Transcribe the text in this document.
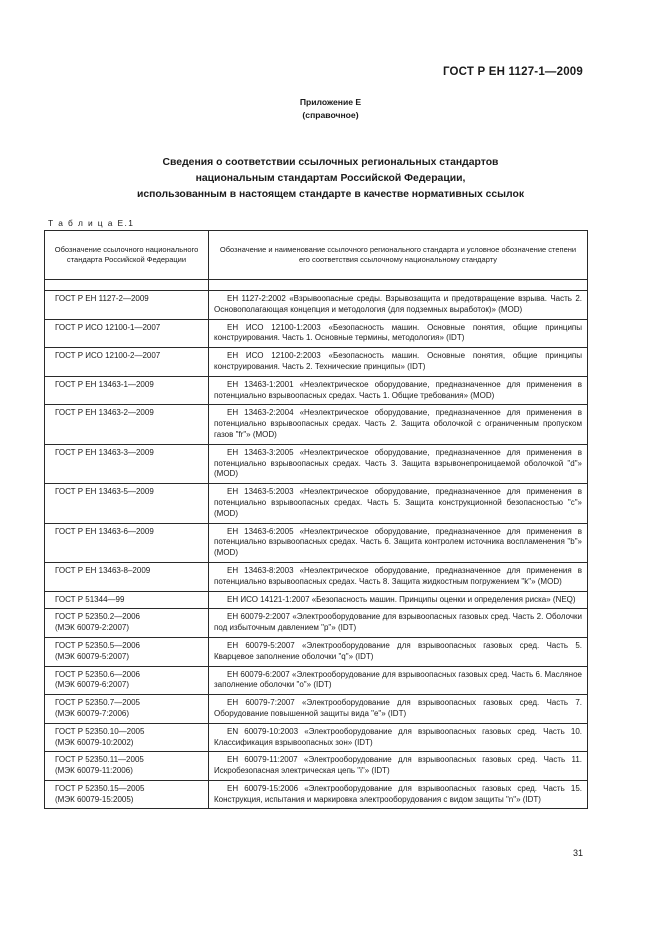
ГОСТ Р ЕН 1127-1—2009
Приложение Е
(справочное)
Сведения о соответствии ссылочных региональных стандартов
национальным стандартам Российской Федерации,
использованным в настоящем стандарте в качестве нормативных ссылок
Т а б л и ц а Е.1
Обозначение ссылочного национального стандарта Российской Федерации	Обозначение и наименование ссылочного регионального стандарта и условное обозначение степени его соответствия ссылочному национальному стандарту

ГОСТ Р ЕН 1127-2—2009	ЕН 1127-2:2002 «Взрывоопасные среды. Взрывозащита и предотвращение взрыва. Часть 2. Основополагающая концепция и методология (для подземных выработок)» (MOD)

ГОСТ Р ИСО 12100-1—2007	ЕН ИСО 12100-1:2003 «Безопасность машин. Основные понятия, общие принципы конструирования. Часть 1. Основные термины, методология» (IDT)

ГОСТ Р ИСО 12100-2—2007	ЕН ИСО 12100-2:2003 «Безопасность машин. Основные понятия, общие принципы конструирования. Часть 2. Технические принципы» (IDT)

ГОСТ Р ЕН 13463-1—2009	ЕН 13463-1:2001 «Неэлектрическое оборудование, предназначенное для применения в потенциально взрывоопасных средах. Часть 1. Общие требования» (MOD)

ГОСТ Р ЕН 13463-2—2009	ЕН 13463-2:2004 «Неэлектрическое оборудование, предназначенное для применения в потенциально взрывоопасных средах. Часть 2. Защита оболочкой с ограниченным пропуском газов "fr"» (MOD)

ГОСТ Р ЕН 13463-3—2009	ЕН 13463-3:2005 «Неэлектрическое оборудование, предназначенное для применения в потенциально взрывоопасных средах. Часть 3. Защита взрывонепроницаемой оболочкой "d"» (MOD)

ГОСТ Р ЕН 13463-5—2009	ЕН 13463-5:2003 «Неэлектрическое оборудование, предназначенное для применения в потенциально взрывоопасных средах. Часть 5. Защита конструкционной безопасностью "c"» (MOD)

ГОСТ Р ЕН 13463-6—2009	ЕН 13463-6:2005 «Неэлектрическое оборудование, предназначенное для применения в потенциально взрывоопасных средах. Часть 6. Защита контролем источника воспламенения "b"» (MOD)

ГОСТ Р ЕН 13463-8–2009	ЕН 13463-8:2003 «Неэлектрическое оборудование, предназначенное для применения в потенциально взрывоопасных средах. Часть 8. Защита жидкостным погружением "k"» (MOD)

ГОСТ Р 51344—99	ЕН ИСО 14121-1:2007 «Безопасность машин. Принципы оценки и определения риска» (NEQ)

ГОСТ Р 52350.2—2006
(МЭК 60079-2:2007)	ЕН 60079-2:2007 «Электрооборудование для взрывоопасных газовых сред. Часть 2. Оболочки под избыточным давлением "p"» (IDT)

ГОСТ Р 52350.5—2006
(МЭК 60079-5:2007)	ЕН 60079-5:2007 «Электрооборудование для взрывоопасных газовых сред. Часть 5. Кварцевое заполнение оболочки "q"» (IDT)

ГОСТ Р 52350.6—2006
(МЭК 60079-6:2007)	ЕН 60079-6:2007 «Электрооборудование для взрывоопасных газовых сред. Часть 6. Масляное заполнение оболочки "o"» (IDT)

ГОСТ Р 52350.7—2005
(МЭК 60079-7:2006)	ЕН 60079-7:2007 «Электрооборудование для взрывоопасных газовых сред. Часть 7. Оборудование повышенной защиты вида "e"» (IDT)

ГОСТ Р 52350.10—2005
(МЭК 60079-10:2002)	EN 60079-10:2003 «Электрооборудование для взрывоопасных газовых сред. Часть 10. Классификация взрывоопасных зон» (IDT)

ГОСТ Р 52350.11—2005
(МЭК 60079-11:2006)	ЕН 60079-11:2007 «Электрооборудование для взрывоопасных газовых сред. Часть 11. Искробезопасная электрическая цепь "i"» (IDT)

ГОСТ Р 52350.15—2005
(МЭК 60079-15:2005)	ЕН 60079-15:2006 «Электрооборудование для взрывоопасных газовых сред. Часть 15. Конструкция, испытания и маркировка электрооборудования с видом защиты "n"» (IDT)
31
